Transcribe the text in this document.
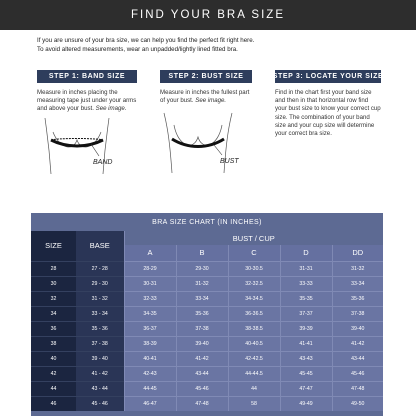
FIND YOUR BRA SIZE
If you are unsure of your bra size, we can help you find the perfect fit right here.
To avoid altered measurements, wear an unpadded/lightly lined fitted bra.
STEP 1: BAND SIZE
Measure in inches placing the measuring tape just under your arms and above your bust. See image.
BAND
STEP 2: BUST SIZE
Measure in inches the fullest part of your bust. See image.
BUST
STEP 3: LOCATE YOUR SIZE
Find in the chart first your band size and then in that horizontal row find your bust size to know your correct cup size. The combination of your band size and your cup size will determine your correct bra size.
BRA SIZE CHART (IN INCHES)
SIZE	BASE	BUST / CUP				
		A	B	C	D	DD
28	27 - 28	28-29	29-30	30-30.5	31-31	31-32
30	29 - 30	30-31	31-32	32-32.5	33-33	33-34
32	31 - 32	32-33	33-34	34-34.5	35-35	35-36
34	33 - 34	34-35	35-36	36-36.5	37-37	37-38
36	35 - 36	36-37	37-38	38-38.5	39-39	39-40
38	37 - 38	38-39	39-40	40-40.5	41-41	41-42
40	39 - 40	40-41	41-42	42-42.5	43-43	43-44
42	41 - 42	42-43	43-44	44-44.5	45-45	45-46
44	43 - 44	44-45	45-46	44	47-47	47-48
46	45 - 46	46-47	47-48	58	49-49	49-50
